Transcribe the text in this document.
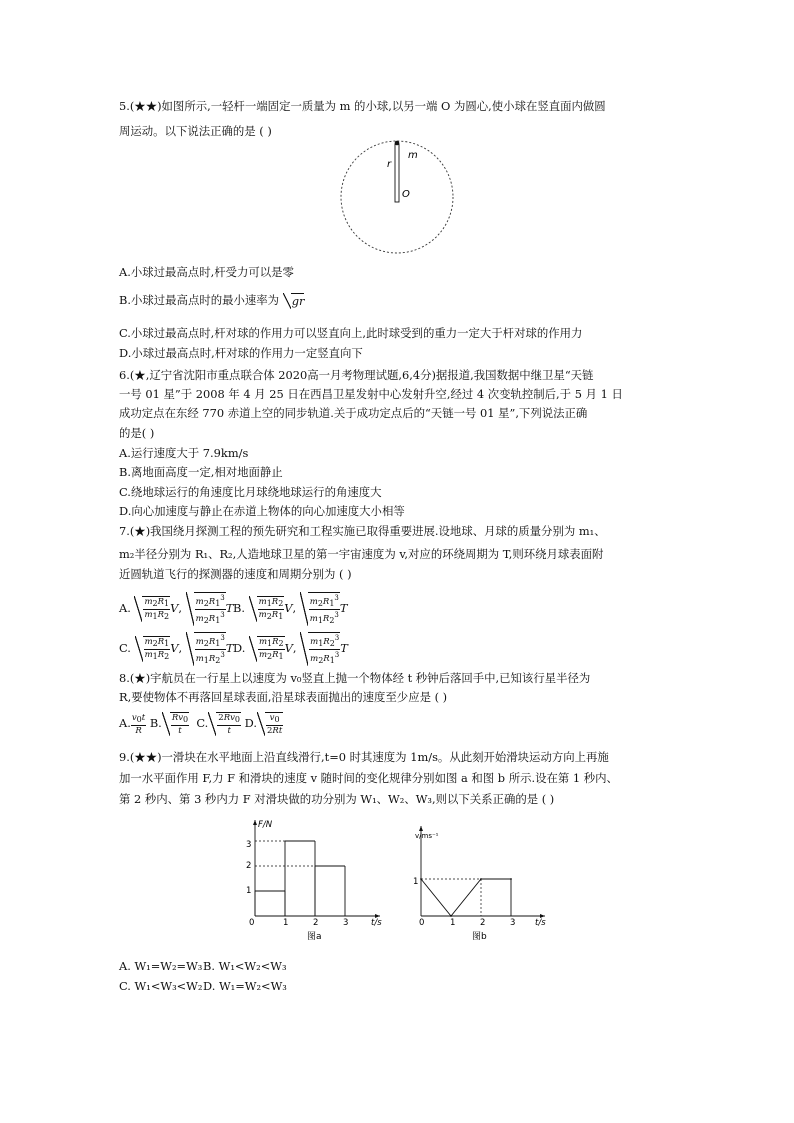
5.(★★)如图所示,一轻杆一端固定一质量为 m 的小球,以另一端 O 为圆心,使小球在竖直面内做圆
周运动。以下说法正确的是 ( )
r
m
O
A.小球过最高点时,杆受力可以是零
B.小球过最高点时的最小速率为 gr
C.小球过最高点时,杆对球的作用力可以竖直向上,此时球受到的重力一定大于杆对球的作用力
D.小球过最高点时,杆对球的作用力一定竖直向下
6.(★,辽宁省沈阳市重点联合体 2020高一月考物理试题,6,4分)据报道,我国数据中继卫星“天链
一号 01 星”于 2008 年 4 月 25 日在西昌卫星发射中心发射升空,经过 4 次变轨控制后,于 5 月 1 日
成功定点在东经 770 赤道上空的同步轨道.关于成功定点后的“天链一号 01 星”,下列说法正确
的是( )
A.运行速度大于 7.9km/s
B.离地面高度一定,相对地面静止
C.绕地球运行的角速度比月球绕地球运行的角速度大
D.向心加速度与静止在赤道上物体的向心加速度大小相等
7.(★)我国绕月探测工程的预先研究和工程实施已取得重要进展.设地球、月球的质量分别为 m₁、
m₂半径分别为 R₁、R₂,人造地球卫星的第一宇宙速度为 v,对应的环绕周期为 T,则环绕月球表面附
近圆轨道飞行的探测器的速度和周期分别为 ( )
A. $\frac{m_2R_1}{m_1R_2} V$, $\frac{m_2R_1^3}{m_2R_1^3}$ T B. $\frac{m_1R_2}{m_2R_1} V$, $\frac{m_2R_1^3}{m_1R_2^3}$ T
C. $\frac{m_2R_1}{m_1R_2} V$, $\frac{m_2R_1^3}{m_1R_2^3}$ T D. $\frac{m_1R_2}{m_2R_1} V$, $\frac{m_1R_2^3}{m_2R_1^3}$ T
8.(★)宇航员在一行星上以速度为 v₀竖直上抛一个物体经 t 秒钟后落回手中,已知该行星半径为
R,要使物体不再落回星球表面,沿星球表面抛出的速度至少应是 ( )
A. $\frac{v_0t}{R} B$. $\frac{Rv_0}{t} C$. $\frac{2Rv_0}{t} D$. $\frac{v_0}{2Rt}$
9.(★★)一滑块在水平地面上沿直线滑行,t=0 时其速度为 1m/s。从此刻开始滑块运动方向上再施
加一水平面作用 F,力 F 和滑块的速度 v 随时间的变化规律分别如图 a 和图 b 所示.设在第 1 秒内、
第 2 秒内、第 3 秒内力 F 对滑块做的功分别为 W₁、W₂、W₃,则以下关系正确的是 ( )
F/N
t/s
0	1	2	3
1
2
3
图a
v/ms⁻¹
t/s
0	1	2	3
1
图b
A. W₁=W₂=W₃ B. W₁<W₂<W₃
C. W₁<W₃<W₂ D. W₁=W₂<W₃
